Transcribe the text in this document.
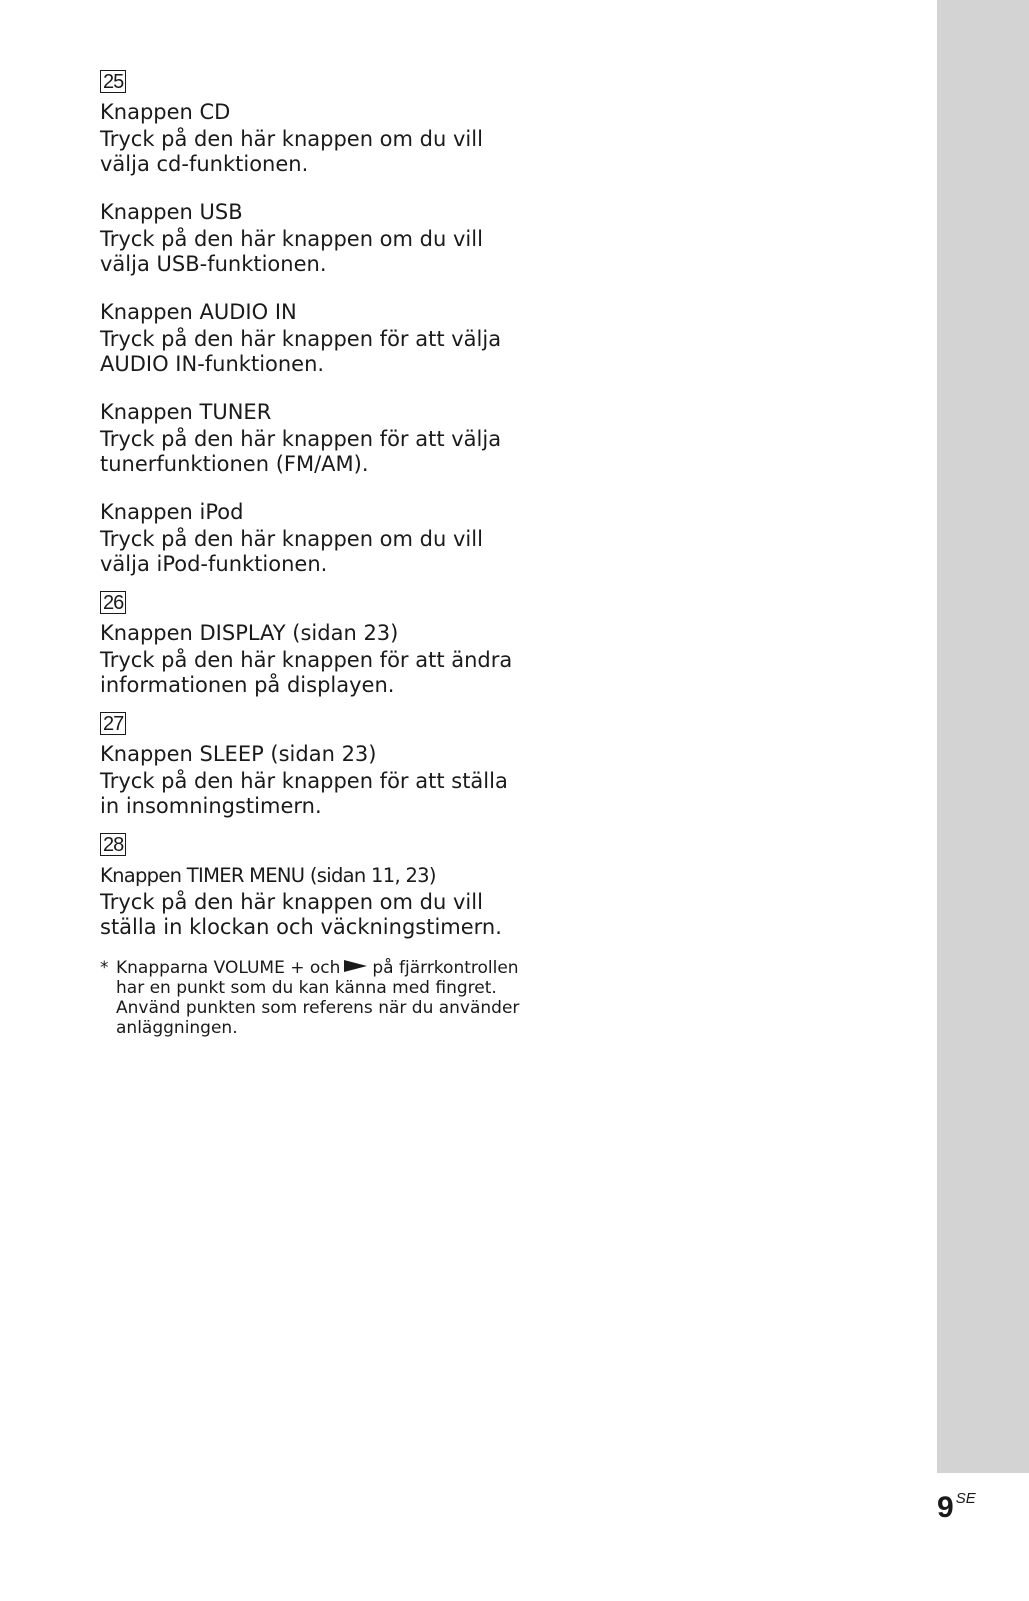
25

Knappen CD

Tryck på den här knappen om du vill välja cd-funktionen.

Knappen USB

Tryck på den här knappen om du vill välja USB-funktionen.

Knappen AUDIO IN

Tryck på den här knappen för att välja AUDIO IN-funktionen.

Knappen TUNER

Tryck på den här knappen för att välja tunerfunktionen (FM/AM).

Knappen iPod

Tryck på den här knappen om du vill välja iPod-funktionen.

26

Knappen DISPLAY (sidan 23)

Tryck på den här knappen för att ändra informationen på displayen.

27

Knappen SLEEP (sidan 23)

Tryck på den här knappen för att ställa in insomningstimern.

28

Knappen TIMER MENU (sidan 11, 23)

Tryck på den här knappen om du vill ställa in klockan och väckningstimern.

* Knapparna VOLUME + och på fjärrkontrollen har en punkt som du kan känna med fingret. Använd punkten som referens när du använder anläggningen.
9 SE
